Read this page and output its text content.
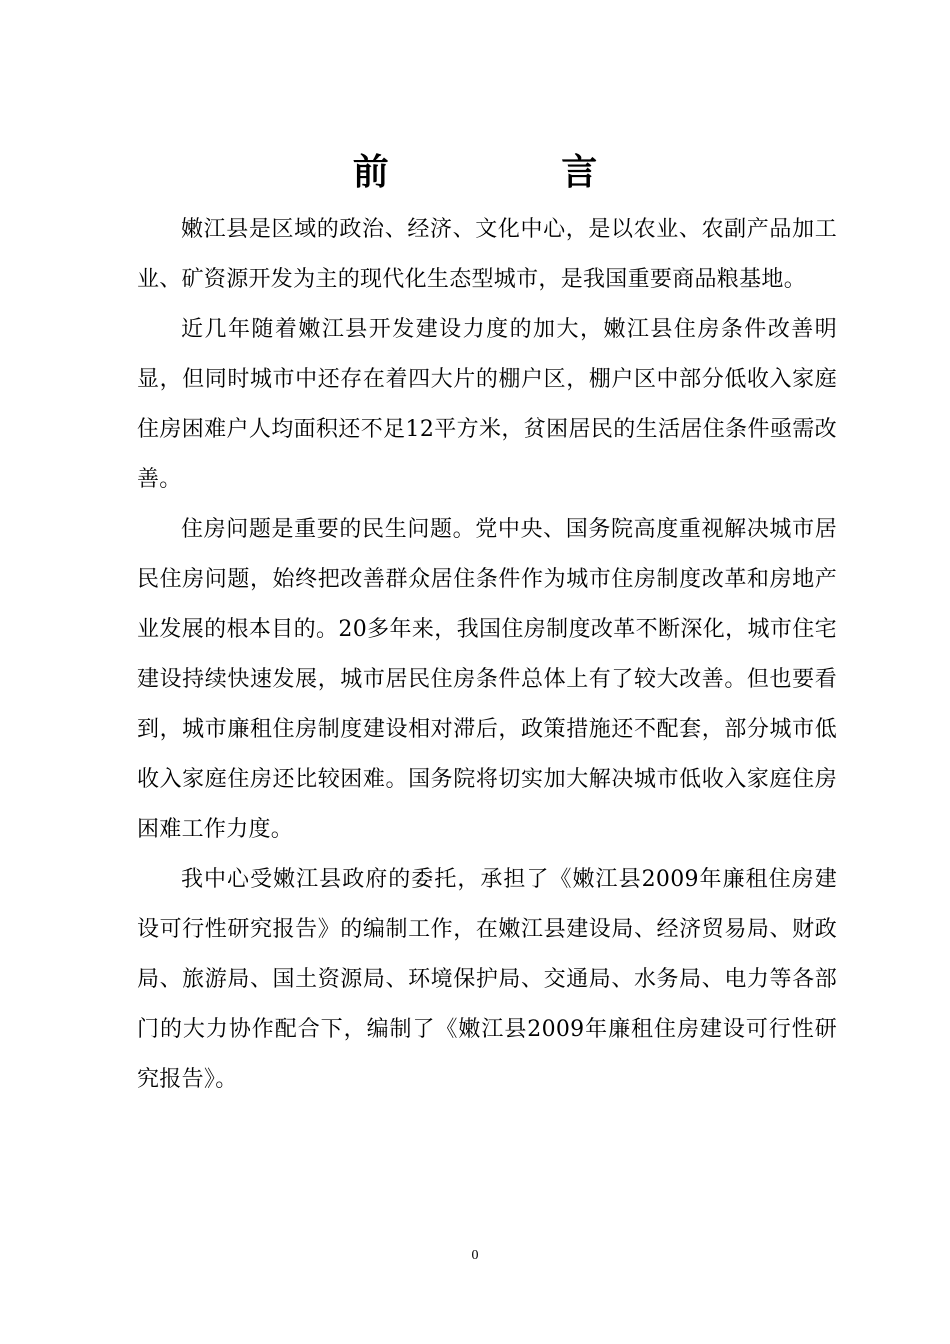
前 言

嫩江县是区域的政治、经济、文化中心，是以农业、农副产品加工业、矿资源开发为主的现代化生态型城市，是我国重要商品粮基地。

近几年随着嫩江县开发建设力度的加大，嫩江县住房条件改善明显，但同时城市中还存在着四大片的棚户区，棚户区中部分低收入家庭住房困难户人均面积还不足12平方米，贫困居民的生活居住条件亟需改善。

住房问题是重要的民生问题。党中央、国务院高度重视解决城市居民住房问题，始终把改善群众居住条件作为城市住房制度改革和房地产业发展的根本目的。20多年来，我国住房制度改革不断深化，城市住宅建设持续快速发展，城市居民住房条件总体上有了较大改善。但也要看到，城市廉租住房制度建设相对滞后，政策措施还不配套，部分城市低收入家庭住房还比较困难。国务院将切实加大解决城市低收入家庭住房困难工作力度。

我中心受嫩江县政府的委托，承担了《嫩江县2009年廉租住房建设可行性研究报告》的编制工作，在嫩江县建设局、经济贸易局、财政局、旅游局、国土资源局、环境保护局、交通局、水务局、电力等各部门的大力协作配合下，编制了《嫩江县2009年廉租住房建设可行性研究报告》。

0
